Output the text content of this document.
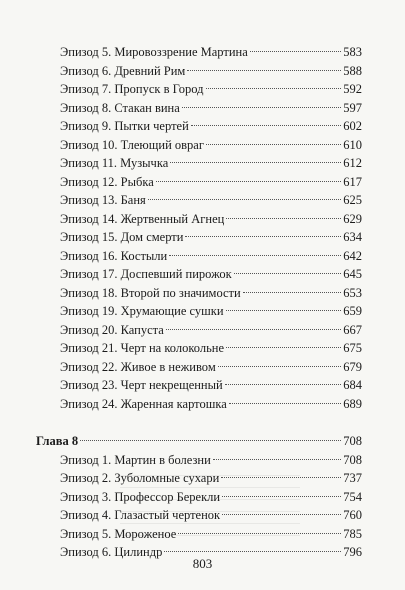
Эпизод 5. Мировоззрение Мартина	583
Эпизод 6. Древний Рим	588
Эпизод 7. Пропуск в Город	592
Эпизод 8. Стакан вина	597
Эпизод 9. Пытки чертей	602
Эпизод 10. Тлеющий овраг	610
Эпизод 11. Музычка	612
Эпизод 12. Рыбка	617
Эпизод 13. Баня	625
Эпизод 14. Жертвенный Агнец	629
Эпизод 15. Дом смерти	634
Эпизод 16. Костыли	642
Эпизод 17. Доспевший пирожок	645
Эпизод 18. Второй по значимости	653
Эпизод 19. Хрумающие сушки	659
Эпизод 20. Капуста	667
Эпизод 21. Черт на колокольне	675
Эпизод 22. Живое в неживом	679
Эпизод 23. Черт некрещенный	684
Эпизод 24. Жаренная картошка	689
Глава 8	708
Эпизод 1. Мартин в болезни	708
Эпизод 2. Зуболомные сухари	737
Эпизод 3. Профессор Берекли	754
Эпизод 4. Глазастый чертенок	760
Эпизод 5. Мороженое	785
Эпизод 6. Цилиндр	796
803
